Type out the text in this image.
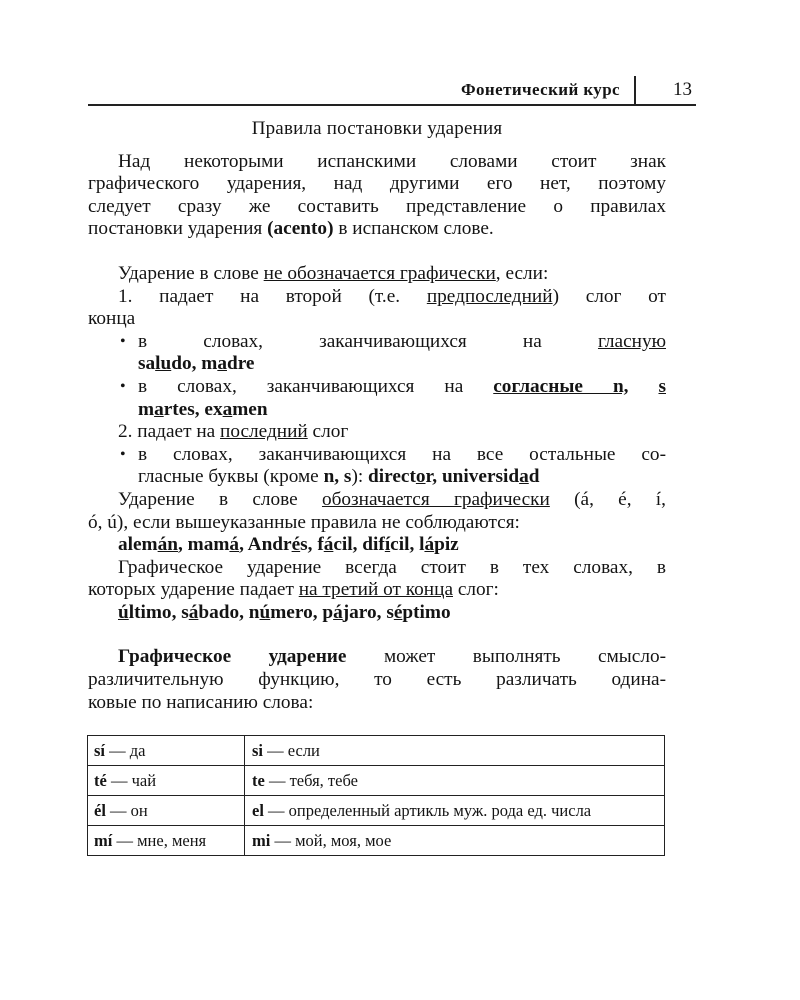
Фонетический курс	13
Правила постановки ударения
Над некоторыми испанскими словами стоит знак
графического ударения, над другими его нет, поэтому
следует сразу же составить представление о правилах
постановки ударения (acento) в испанском слове.
Ударение в слове не обозначается графически, если:
1. падает на второй (т.е. предпоследний) слог от
конца
• в словах, заканчивающихся на гласную
saludo, madre
• в словах, заканчивающихся на согласные n, s
martes, examen
2. падает на последний слог
• в словах, заканчивающихся на все остальные со-
гласные буквы (кроме n, s): director, universidad
Ударение в слове обозначается графически (á, é, í,
ó, ú), если вышеуказанные правила не соблюдаются:
alemán, mamá, Andrés, fácil, difícil, lápiz
Графическое ударение всегда стоит в тех словах, в
которых ударение падает на третий от конца слог:
último, sábado, número, pájaro, séptimo
Графическое ударение может выполнять смысло-
различительную функцию, то есть различать одина-
ковые по написанию слова:
sí — да	si — если
té — чай	te — тебя, тебе
él — он	el — определенный артикль муж. рода ед. числа
mí — мне, меня	mi — мой, моя, мое
